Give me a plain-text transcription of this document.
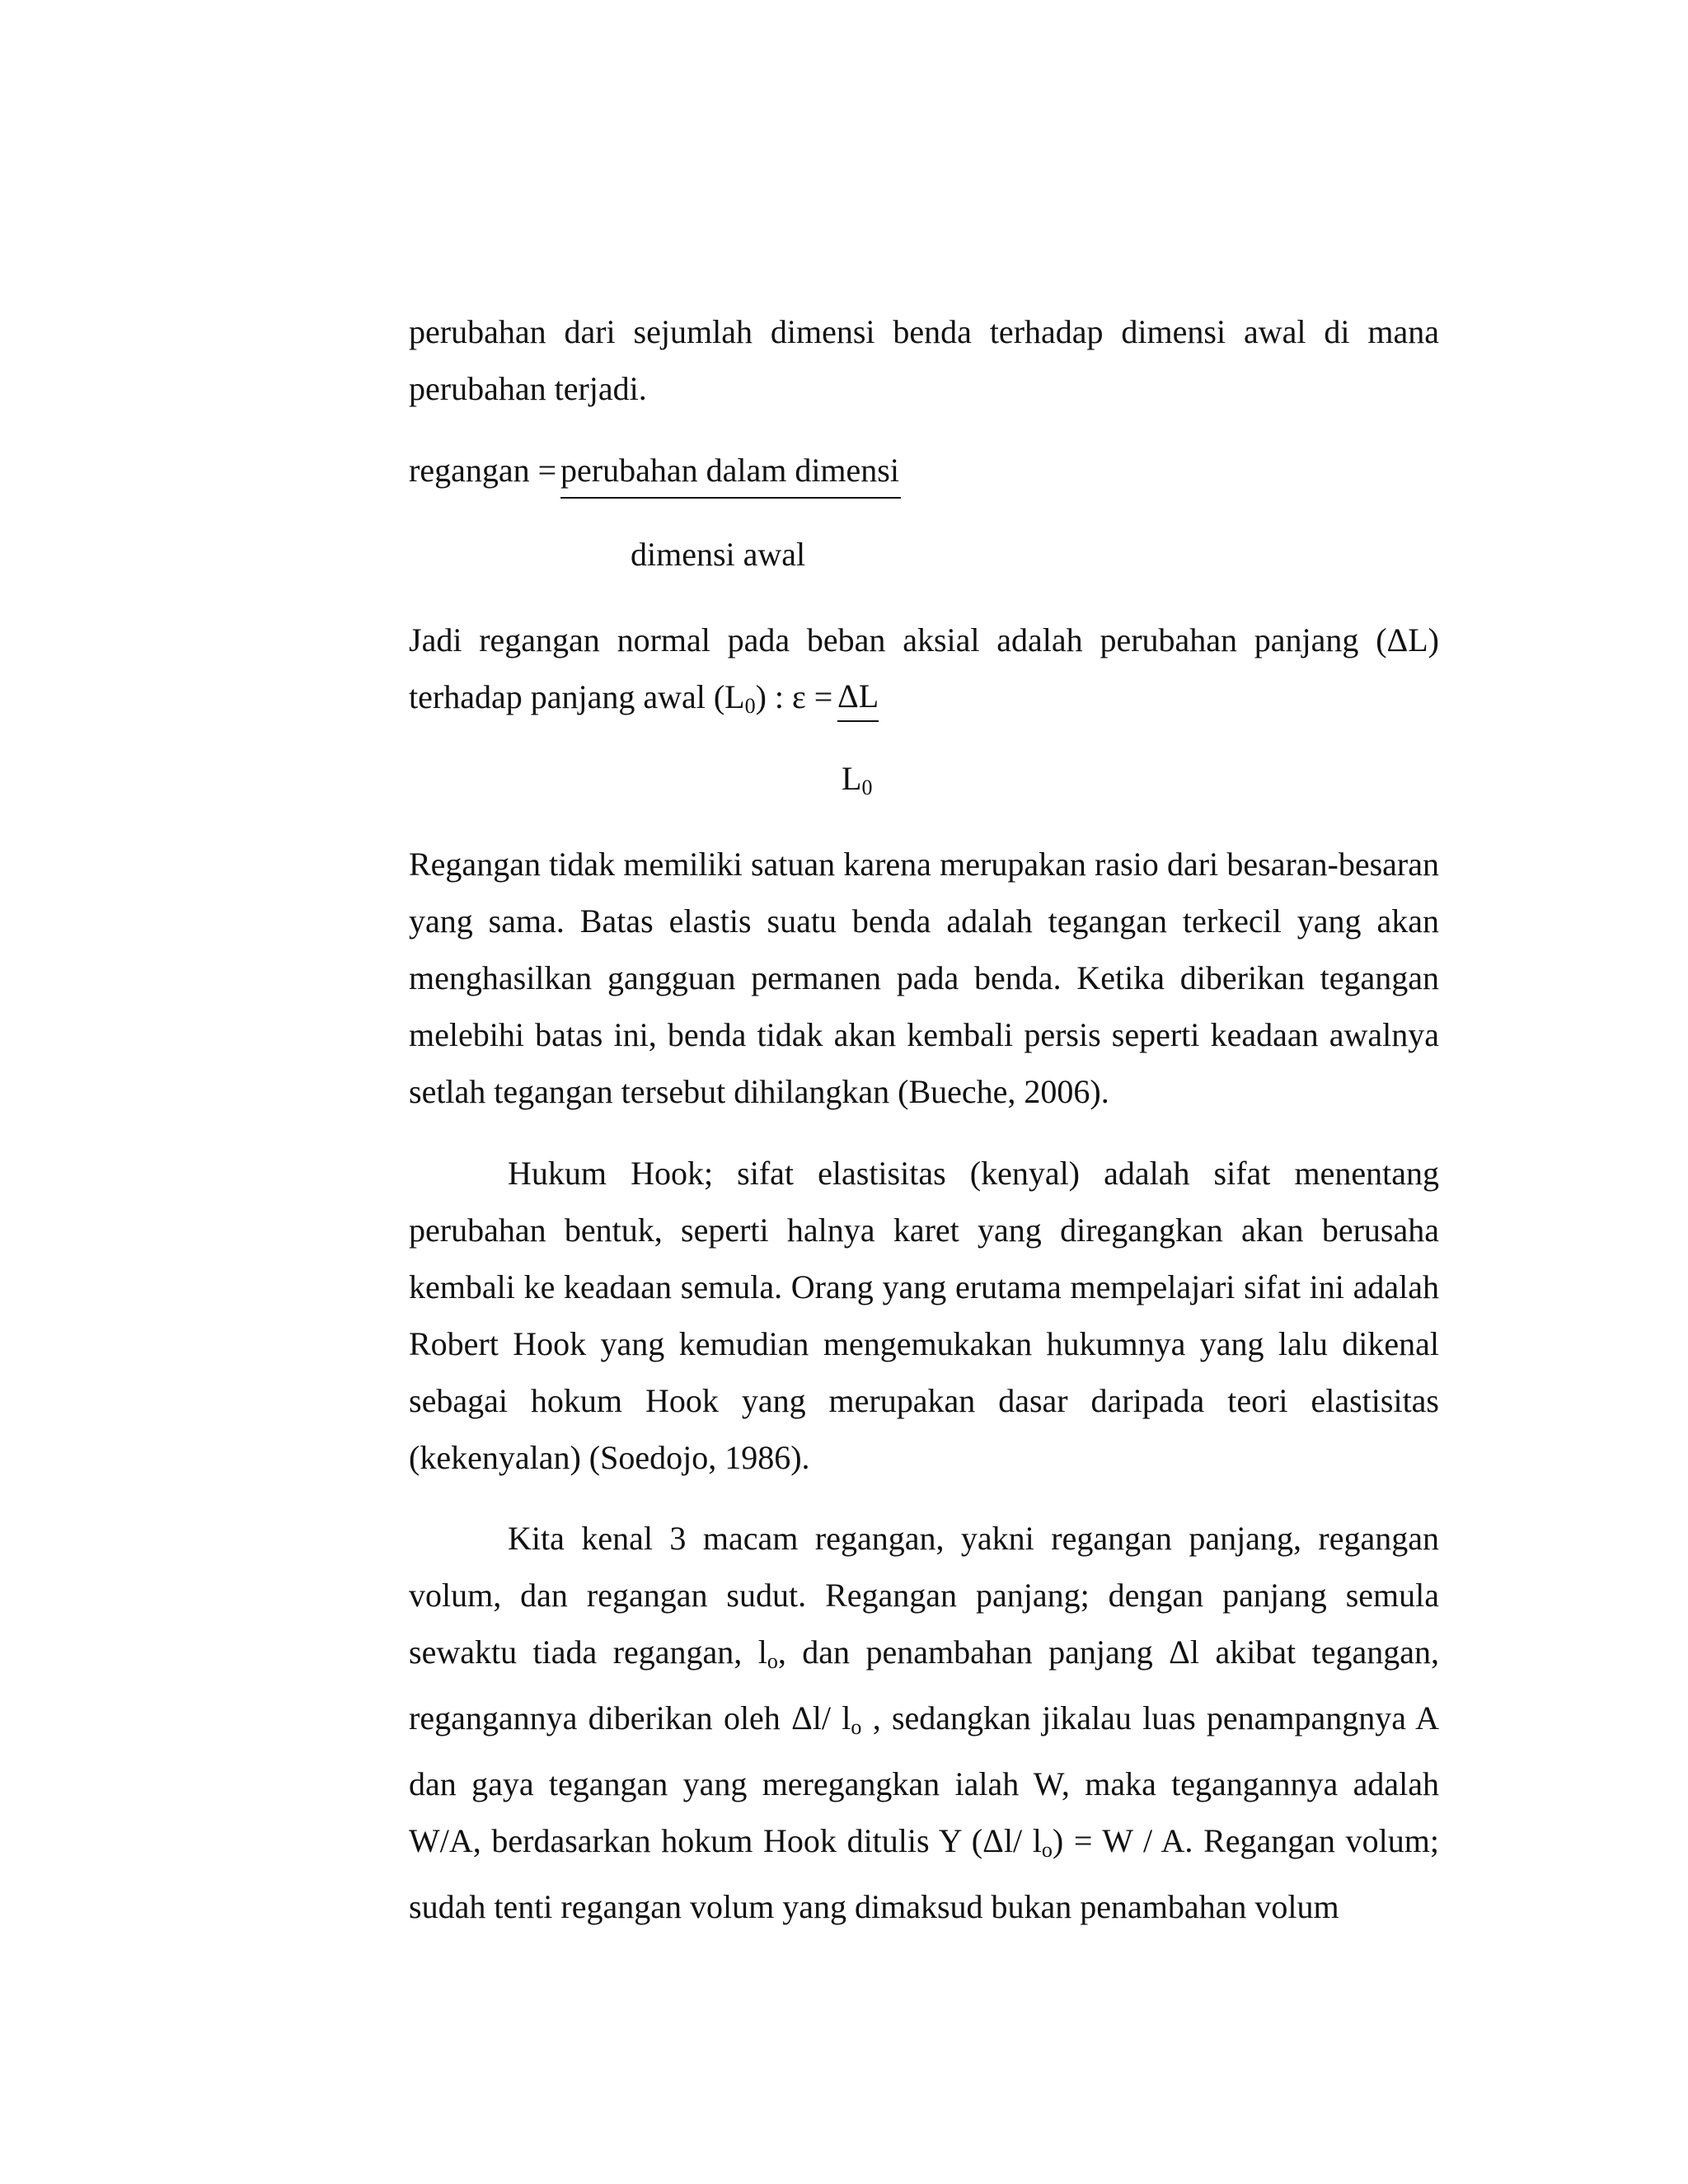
perubahan dari sejumlah dimensi benda terhadap dimensi awal di mana perubahan terjadi.
regangan = perubahan dalam dimensi
dimensi awal
Jadi regangan normal pada beban aksial adalah perubahan panjang (ΔL)
terhadap panjang awal $(L_0)$ : ε = ΔL
$L_0$
Regangan tidak memiliki satuan karena merupakan rasio dari besaran-besaran yang sama. Batas elastis suatu benda adalah tegangan terkecil yang akan menghasilkan gangguan permanen pada benda. Ketika diberikan tegangan melebihi batas ini, benda tidak akan kembali persis seperti keadaan awalnya setlah tegangan tersebut dihilangkan (Bueche, 2006).
Hukum Hook; sifat elastisitas (kenyal) adalah sifat menentang perubahan bentuk, seperti halnya karet yang diregangkan akan berusaha kembali ke keadaan semula. Orang yang erutama mempelajari sifat ini adalah Robert Hook yang kemudian mengemukakan hukumnya yang lalu dikenal sebagai hokum Hook yang merupakan dasar daripada teori elastisitas (kekenyalan) (Soedojo, 1986).
Kita kenal 3 macam regangan, yakni regangan panjang, regangan volum, dan regangan sudut. Regangan panjang; dengan panjang semula sewaktu tiada regangan, $l_o$, dan penambahan panjang Δl akibat tegangan, regangannya diberikan oleh Δl/ $l_o$ , sedangkan jikalau luas penampangnya A dan gaya tegangan yang meregangkan ialah W, maka tegangannya adalah W/A, berdasarkan hokum Hook ditulis Y (Δl/ $l_o) = W / A$. Regangan volum; sudah tenti regangan volum yang dimaksud bukan penambahan volum
